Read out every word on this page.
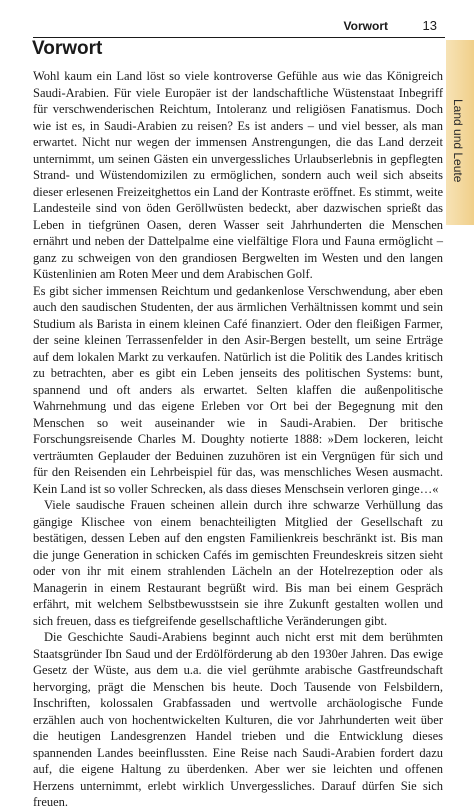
Vorwort	13
Land und Leute
Vorwort

Wohl kaum ein Land löst so viele kontroverse Gefühle aus wie das Königreich Saudi-Arabien. Für viele Europäer ist der landschaftliche Wüstenstaat Inbegriff für verschwenderischen Reichtum, Intoleranz und religiösen Fanatismus. Doch wie ist es, in Saudi-Arabien zu reisen? Es ist anders – und viel besser, als man erwartet. Nicht nur wegen der immensen Anstrengungen, die das Land derzeit unternimmt, um seinen Gästen ein unvergessliches Urlaubserlebnis in gepflegten Strand- und Wüstendomizilen zu ermöglichen, sondern auch weil sich abseits dieser erlesenen Freizeitghettos ein Land der Kontraste eröffnet. Es stimmt, weite Landesteile sind von öden Geröllwüsten bedeckt, aber dazwischen sprießt das Leben in tiefgrünen Oasen, deren Wasser seit Jahrhunderten die Menschen ernährt und neben der Dattelpalme eine vielfältige Flora und Fauna ermöglicht – ganz zu schweigen von den grandiosen Bergwelten im Westen und den langen Küstenlinien am Roten Meer und dem Arabischen Golf.

Es gibt sicher immensen Reichtum und gedankenlose Verschwendung, aber eben auch den saudischen Studenten, der aus ärmlichen Verhältnissen kommt und sein Studium als Barista in einem kleinen Café finanziert. Oder den fleißigen Farmer, der seine kleinen Terrassenfelder in den Asir-Bergen bestellt, um seine Erträge auf dem lokalen Markt zu verkaufen. Natürlich ist die Politik des Landes kritisch zu betrachten, aber es gibt ein Leben jenseits des politischen Systems: bunt, spannend und oft anders als erwartet. Selten klaffen die außenpolitische Wahrnehmung und das eigene Erleben vor Ort bei der Begegnung mit den Menschen so weit auseinander wie in Saudi-Arabien. Der britische Forschungsreisende Charles M. Doughty notierte 1888: »Dem lockeren, leicht verträumten Geplauder der Beduinen zuzuhören ist ein Vergnügen für sich und für den Reisenden ein Lehrbeispiel für das, was menschliches Wesen ausmacht. Kein Land ist so voller Schrecken, als dass dieses Menschsein verloren ginge…«

Viele saudische Frauen scheinen allein durch ihre schwarze Verhüllung das gängige Klischee von einem benachteiligten Mitglied der Gesellschaft zu bestätigen, dessen Leben auf den engsten Familienkreis beschränkt ist. Bis man die junge Generation in schicken Cafés im gemischten Freundeskreis sitzen sieht oder von ihr mit einem strahlenden Lächeln an der Hotelrezeption oder als Managerin in einem Restaurant begrüßt wird. Bis man bei einem Gespräch erfährt, mit welchem Selbstbewusstsein sie ihre Zukunft gestalten wollen und sich freuen, dass es tiefgreifende gesellschaftliche Veränderungen gibt.

Die Geschichte Saudi-Arabiens beginnt auch nicht erst mit dem berühmten Staatsgründer Ibn Saud und der Erdölförderung ab den 1930er Jahren. Das ewige Gesetz der Wüste, aus dem u.a. die viel gerühmte arabische Gastfreundschaft hervorging, prägt die Menschen bis heute. Doch Tausende von Felsbildern, Inschriften, kolossalen Grabfassaden und wertvolle archäologische Funde erzählen auch von hochentwickelten Kulturen, die vor Jahrhunderten weit über die heutigen Landesgrenzen Handel trieben und die Entwicklung dieses spannenden Landes beeinflussten. Eine Reise nach Saudi-Arabien fordert dazu auf, die eigene Haltung zu überdenken. Aber wer sie leichten und offenen Herzens unternimmt, erlebt wirklich Unvergessliches. Darauf dürfen Sie sich freuen.
